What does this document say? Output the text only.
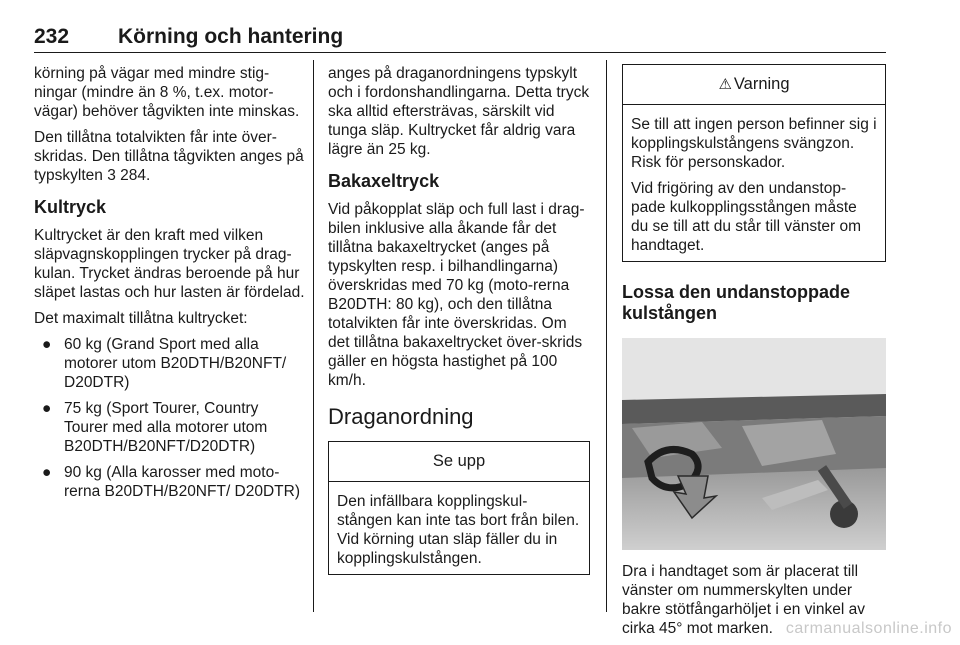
232 Körning och hantering

körning på vägar med mindre stig-ningar (mindre än 8 %, t.ex. motor-vägar) behöver tågvikten inte minskas.

Den tillåtna totalvikten får inte över-skridas. Den tillåtna tågvikten anges på typskylten 3 284.

Kultryck

Kultrycket är den kraft med vilken släpvagnskopplingen trycker på drag-kulan. Trycket ändras beroende på hur släpet lastas och hur lasten är fördelad.

Det maximalt tillåtna kultrycket:

● 60 kg (Grand Sport med alla motorer utom B20DTH/B20NFT/ D20DTR)
● 75 kg (Sport Tourer, Country Tourer med alla motorer utom B20DTH/B20NFT/D20DTR)
● 90 kg (Alla karosser med moto-rerna B20DTH/B20NFT/ D20DTR)

anges på draganordningens typskylt och i fordonshandlingarna. Detta tryck ska alltid eftersträvas, särskilt vid tunga släp. Kultrycket får aldrig vara lägre än 25 kg.

Bakaxeltryck

Vid påkopplat släp och full last i drag-bilen inklusive alla åkande får det tillåtna bakaxeltrycket (anges på typskylten resp. i bilhandlingarna) överskridas med 70 kg (moto-rerna B20DTH: 80 kg), och den tillåtna totalvikten får inte överskridas. Om det tillåtna bakaxeltrycket över-skrids gäller en högsta hastighet på 100 km/h.

Draganordning
Se upp

Den infällbara kopplingskul-stången kan inte tas bort från bilen. Vid körning utan släp fäller du in kopplingskulstången.

⚠ Varning

Se till att ingen person befinner sig i kopplingskulstångens svängzon. Risk för personskador.

Vid frigöring av den undanstop-pade kulkopplingsstången måste du se till att du står till vänster om handtaget.

Lossa den undanstoppade kulstången

Dra i handtaget som är placerat till vänster om nummerskylten under bakre stötfångarhöljet i en vinkel av cirka 45° mot marken. carmanualsonline.info
